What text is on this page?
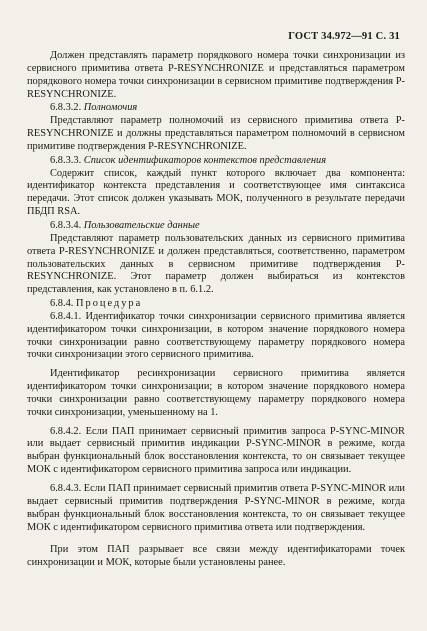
ГОСТ 34.972—91 С. 31

Должен представлять параметр порядкового номера точки синхронизации из сервисного примитива ответа P-RESYNCHRONIZE и представляться параметром порядкового номера точки синхронизации в сервисном примитиве подтверждения P-RESYNCHRONIZE.

6.8.3.2. Полномочия

Представляют параметр полномочий из сервисного примитива ответа P-RESYNCHRONIZE и должны представляться параметром полномочий в сервисном примитиве подтверждения P-RESYNCHRONIZE.

6.8.3.3. Список идентификаторов контекстов представления

Содержит список, каждый пункт которого включает два компонента: идентификатор контекста представления и соответствующее имя синтаксиса передачи. Этот список должен указывать МОК, полученного в результате передачи ПБДП RSA.

6.8.3.4. Пользовательские данные

Представляют параметр пользовательских данных из сервисного примитива ответа P-RESYNCHRONIZE и должен представляться, соответственно, параметром пользовательских данных в сервисном примитиве подтверждения P-RESYNCHRONIZE. Этот параметр должен выбираться из контекстов представления, как установлено в п. 6.1.2.

6.8.4. Процедура

6.8.4.1. Идентификатор точки синхронизации сервисного примитива является идентификатором точки синхронизации, в котором значение порядкового номера точки синхронизации равно соответствующему параметру порядкового номера точки синхронизации этого сервисного примитива.

Идентификатор ресинхронизации сервисного примитива является идентификатором точки синхронизации; в котором значение порядкового номера точки синхронизации равно соответствующему параметру порядкового номера точки синхронизации, уменьшенному на 1.

6.8.4.2. Если ПАП принимает сервисный примитив запроса P-SYNC-MINOR или выдает сервисный примитив индикации P-SYNC-MINOR в режиме, когда выбран функциональный блок восстановления контекста, то он связывает текущее МОК с идентификатором сервисного примитива запроса или индикации.

6.8.4.3. Если ПАП принимает сервисный примитив ответа P-SYNC-MINOR или выдает сервисный примитив подтверждения P-SYNC-MINOR в режиме, когда выбран функциональный блок восстановления контекста, то он связывает текущее МОК с идентификатором сервисного примитива ответа или подтверждения.

При этом ПАП разрывает все связи между идентификаторами точек синхронизации и МОК, которые были установлены ранее.
